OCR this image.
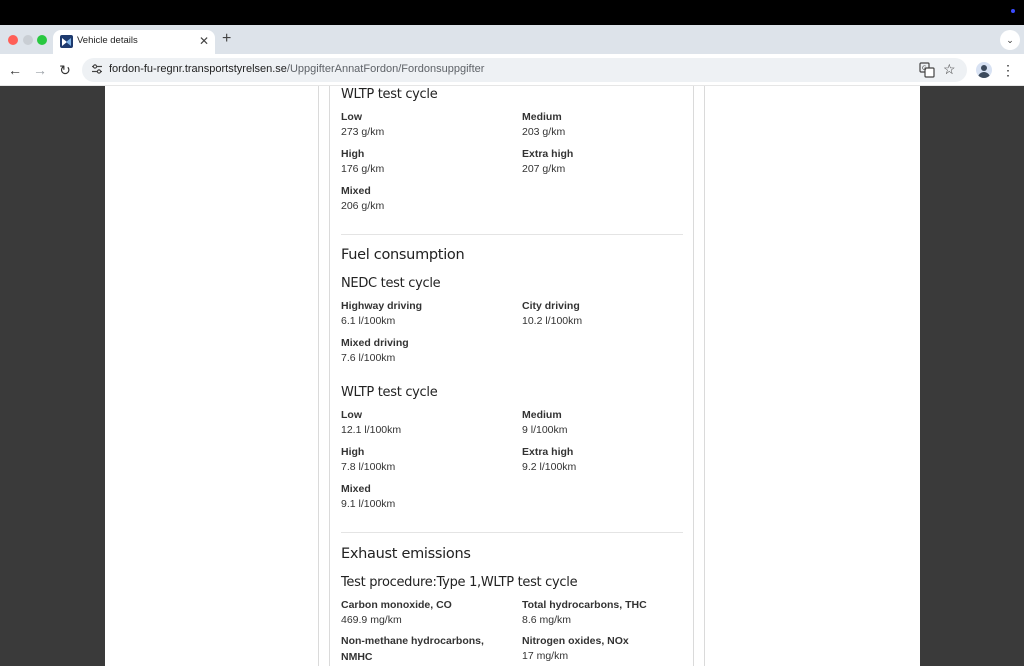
Vehicle details	✕ +	⌄
← → ↻	fordon-fu-regnr.transportstyrelsen.se/UppgifterAnnatFordon/Fordonsuppgifter	G ☆	⋮
WLTP test cycle
Low
273 g/km
Medium
203 g/km
High
176 g/km
Extra high
207 g/km
Mixed
206 g/km
Fuel consumption
NEDC test cycle
Highway driving
6.1 l/100km
City driving
10.2 l/100km
Mixed driving
7.6 l/100km
WLTP test cycle
Low
12.1 l/100km
Medium
9 l/100km
High
7.8 l/100km
Extra high
9.2 l/100km
Mixed
9.1 l/100km
Exhaust emissions
Test procedure:Type 1,WLTP test cycle
Carbon monoxide, CO
469.9 mg/km
Total hydrocarbons, THC
8.6 mg/km
Non-methane hydrocarbons,
NMHC
Nitrogen oxides, NOx
17 mg/km
